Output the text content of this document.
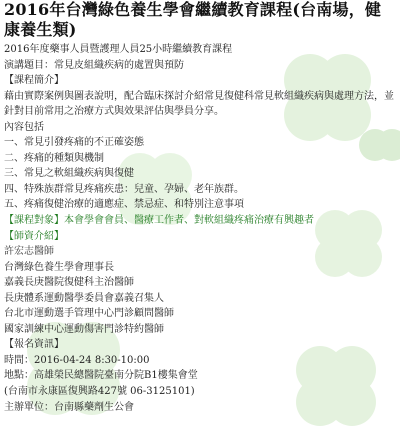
2016年台灣綠色養生學會繼續教育課程(台南場，健康養生類)
2016年度藥事人員暨護理人員25小時繼續教育課程
演講題目：常見皮組織疾病的處置與預防
【課程簡介】
藉由實際案例與圖表說明，配合臨床探討介紹常見復健科常見軟組織疾病與處理方法，並針對目前常用之治療方式與效果評估與學員分享。
內容包括
一、常見引發疼痛的不正確姿態
二、疼痛的種類與機制
三、常見之軟組織疾病與復健
四、特殊族群常見疼痛疾患：兒童、孕婦、老年族群。
五、疼痛復健治療的適應症、禁忌症、和特別注意事項
【課程對象】本會學會會員、醫療工作者、對軟組織疼痛治療有興趣者
【師資介紹】
許宏志醫師
台灣綠色養生學會理事長
嘉義長庚醫院復健科主治醫師
長庚體系運動醫學委員會嘉義召集人
台北市運動選手管理中心門診顧問醫師
國家訓練中心運動傷害門診特約醫師
【報名資訊】
時間：2016-04-24 8:30-10:00
地點：高雄榮民總醫院臺南分院B1樓集會堂
(台南市永康區復興路427號 06-3125101)
主辦單位：台南縣藥劑生公會
